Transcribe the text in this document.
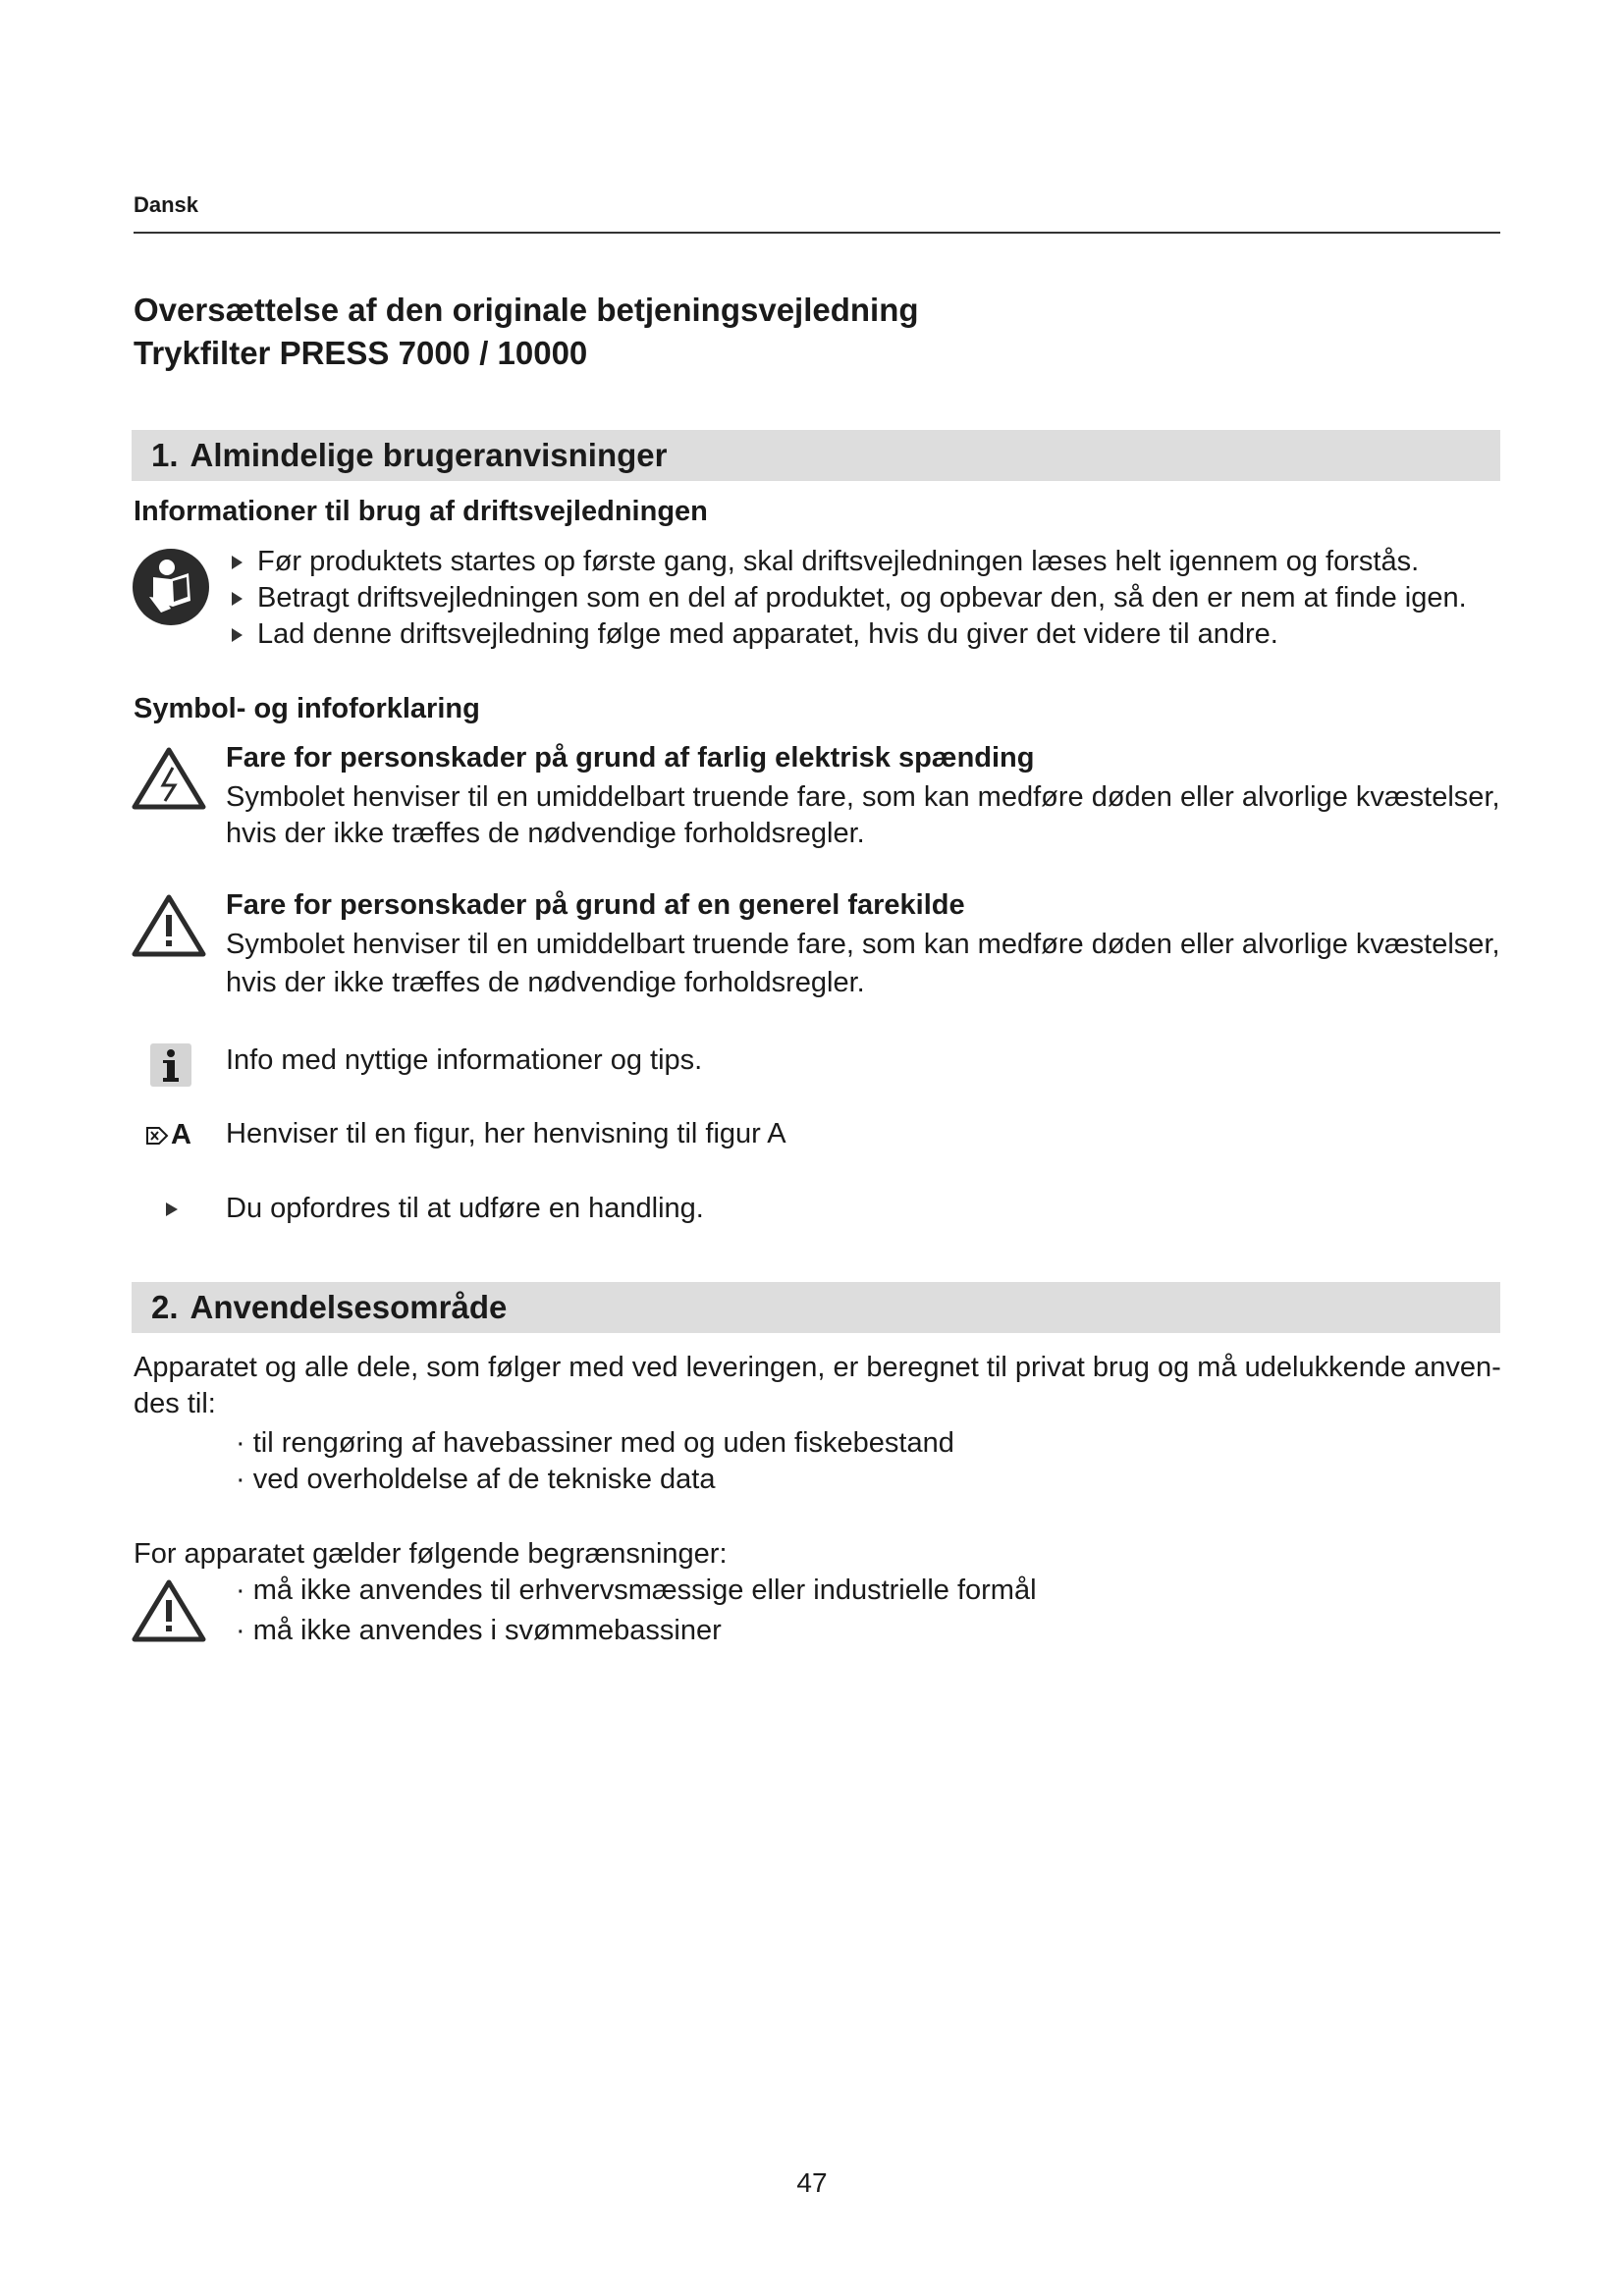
Dansk
Oversættelse af den originale betjeningsvejledning
Trykfilter PRESS 7000 / 10000
1. Almindelige brugeranvisninger
Informationer til brug af driftsvejledningen
Før produktets startes op første gang, skal driftsvejledningen læses helt igennem og forstås.
Betragt driftsvejledningen som en del af produktet, og opbevar den, så den er nem at finde igen.
Lad denne driftsvejledning følge med apparatet, hvis du giver det videre til andre.
Symbol- og infoforklaring
Fare for personskader på grund af farlig elektrisk spænding
Symbolet henviser til en umiddelbart truende fare, som kan medføre døden eller alvorlige kvæstelser,
hvis der ikke træffes de nødvendige forholdsregler.
Fare for personskader på grund af en generel farekilde
Symbolet henviser til en umiddelbart truende fare, som kan medføre døden eller alvorlige kvæstelser,
hvis der ikke træffes de nødvendige forholdsregler.
Info med nyttige informationer og tips.
A Henviser til en figur, her henvisning til figur A
Du opfordres til at udføre en handling.
2. Anvendelsesområde
Apparatet og alle dele, som følger med ved leveringen, er beregnet til privat brug og må udelukkende anven-
des til:
· til rengøring af havebassiner med og uden fiskebestand
· ved overholdelse af de tekniske data
For apparatet gælder følgende begrænsninger:
· må ikke anvendes til erhvervsmæssige eller industrielle formål
· må ikke anvendes i svømmebassiner
47
